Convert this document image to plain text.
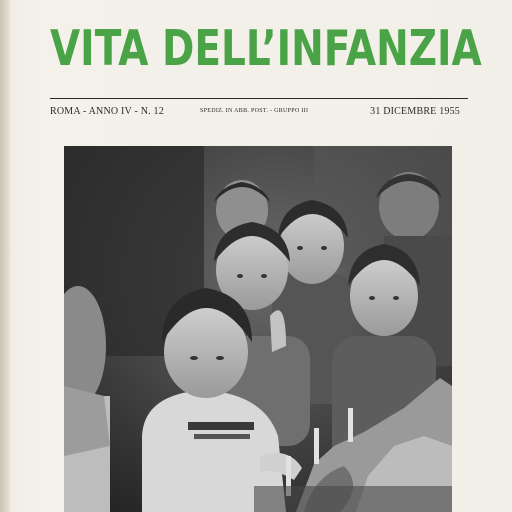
VITA DELL’INFANZIA
ROMA - ANNO IV - N. 12	SPEDIZ. IN ABB. POST. - GRUPPO III	31 DICEMBRE 1955
